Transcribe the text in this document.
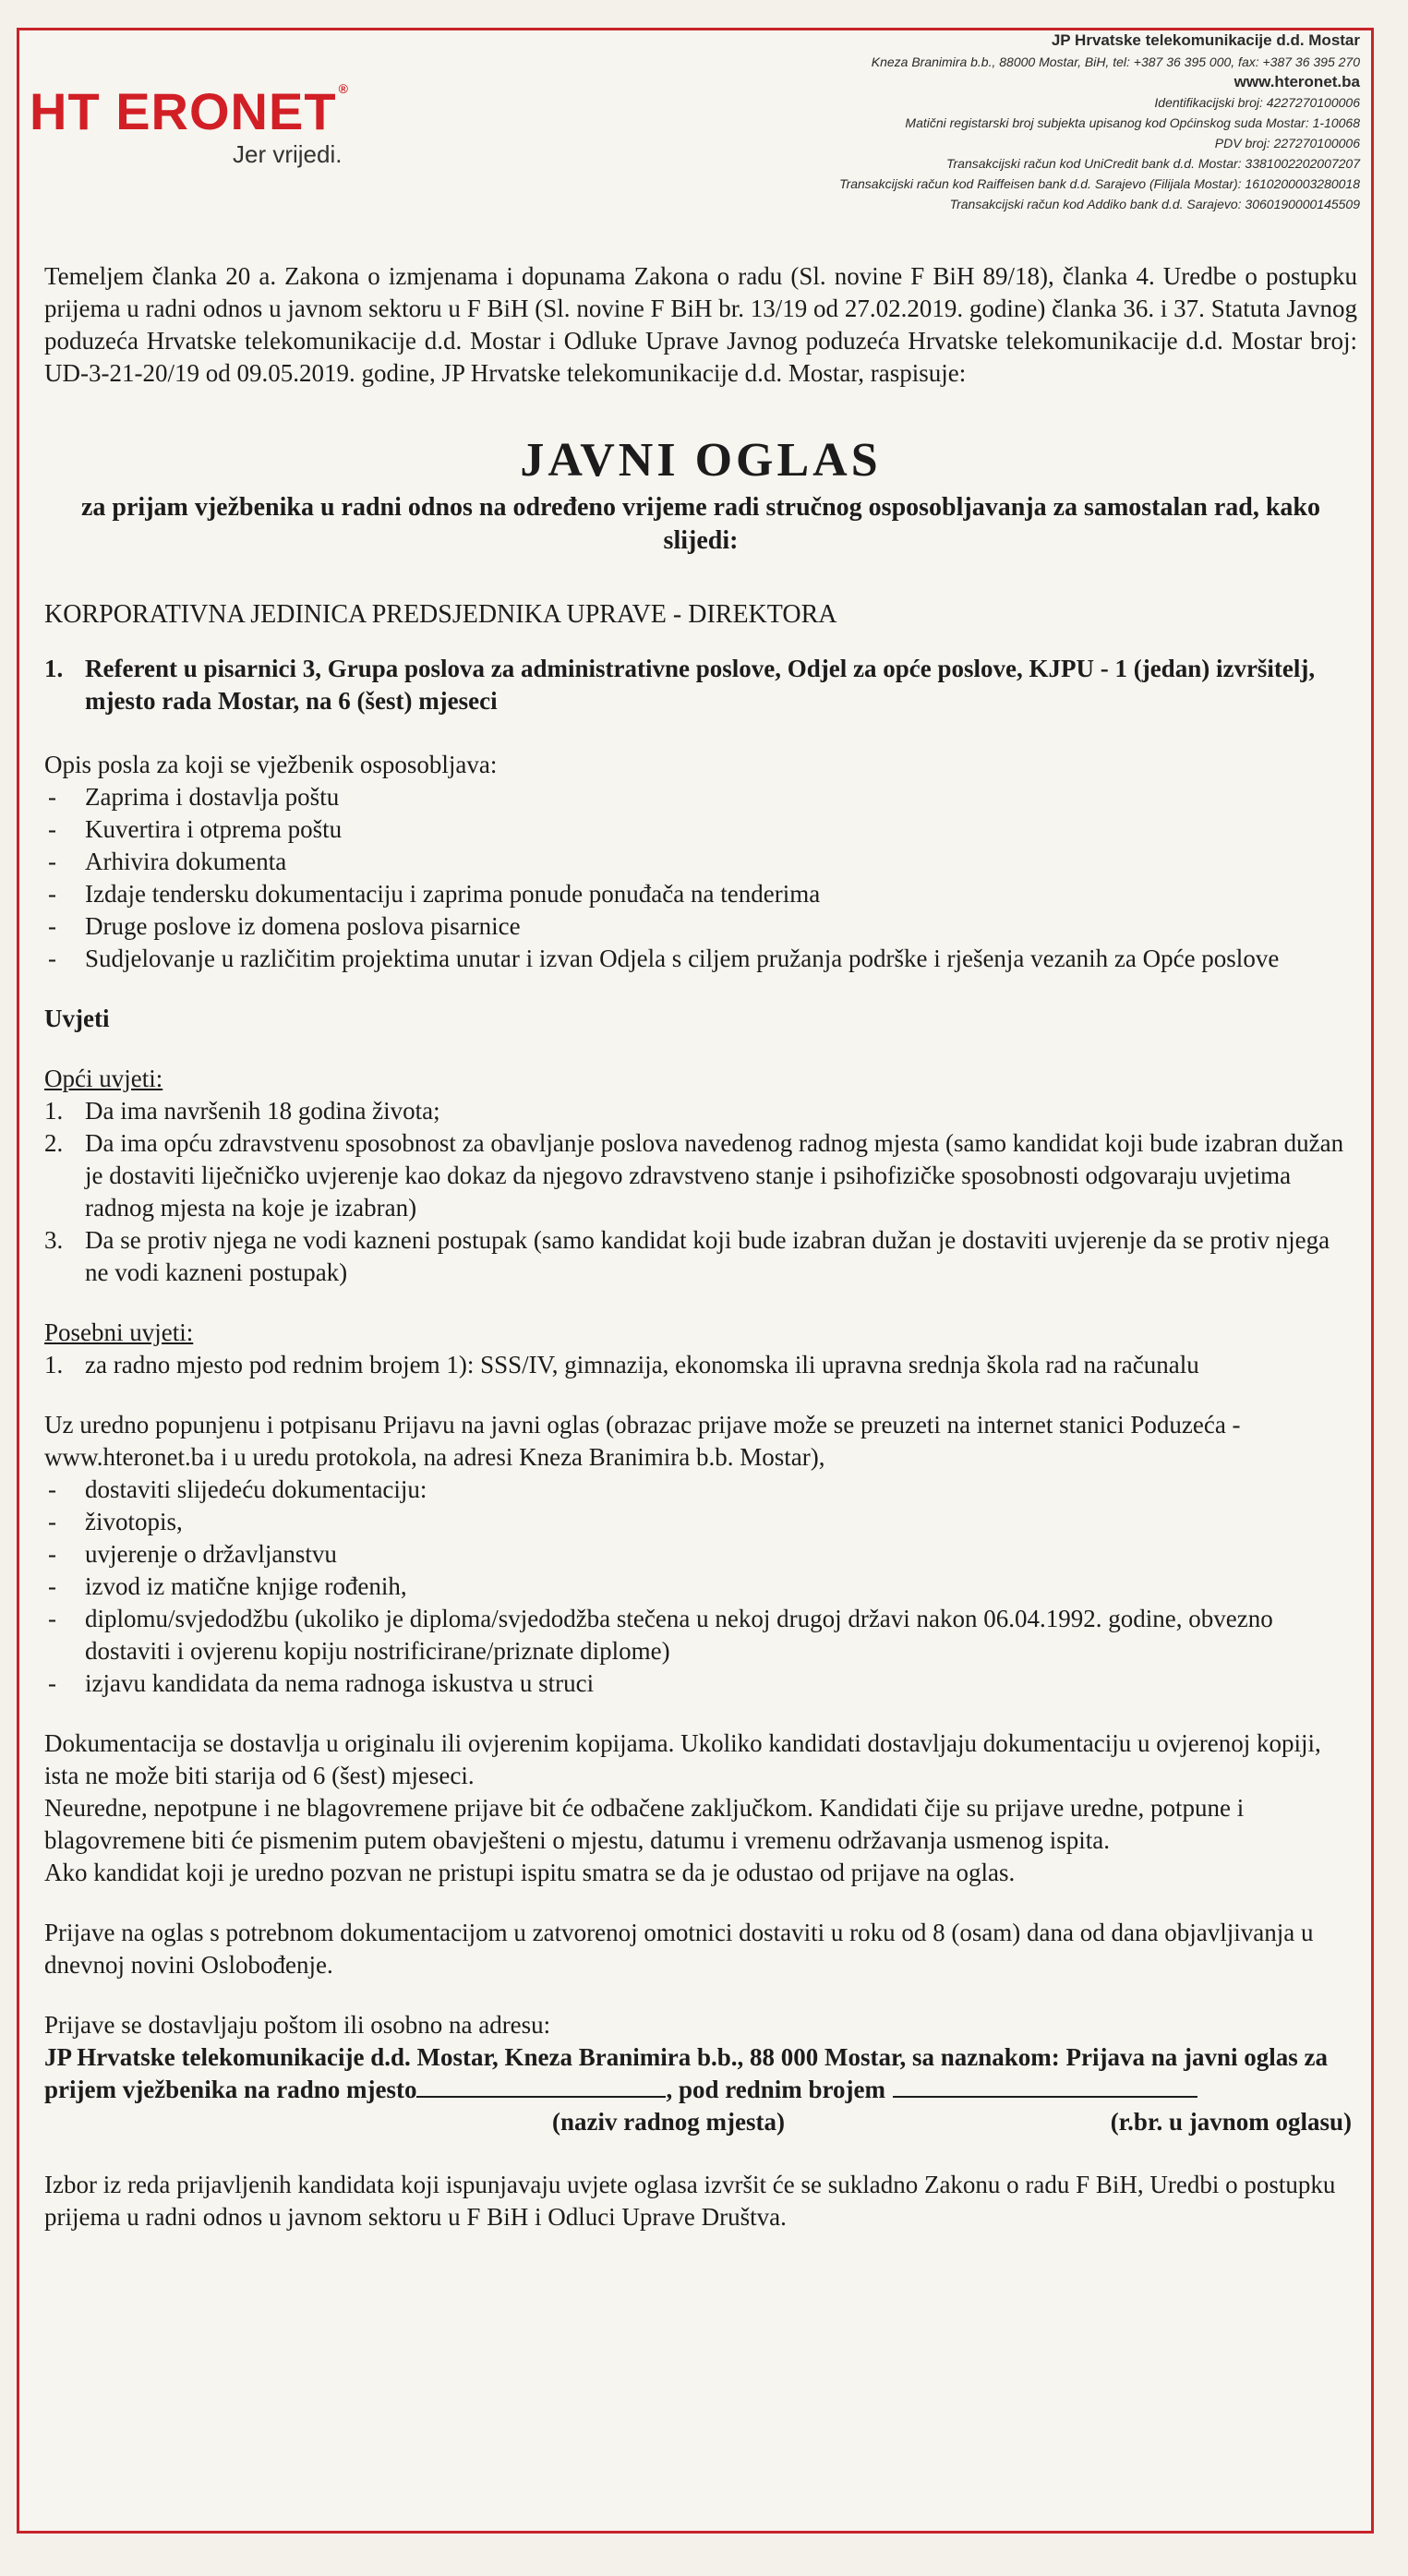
HT ERONET ®
Jer vrijedi.
JP Hrvatske telekomunikacije d.d. Mostar
Kneza Branimira b.b., 88000 Mostar, BiH, tel: +387 36 395 000, fax: +387 36 395 270
www.hteronet.ba
Identifikacijski broj: 4227270100006
Matični registarski broj subjekta upisanog kod Općinskog suda Mostar: 1-10068
PDV broj: 227270100006
Transakcijski račun kod UniCredit bank d.d. Mostar: 3381002202007207
Transakcijski račun kod Raiffeisen bank d.d. Sarajevo (Filijala Mostar): 1610200003280018
Transakcijski račun kod Addiko bank d.d. Sarajevo: 3060190000145509

Temeljem članka 20 a. Zakona o izmjenama i dopunama Zakona o radu (Sl. novine F BiH 89/18), članka 4. Uredbe o postupku prijema u radni odnos u javnom sektoru u F BiH (Sl. novine F BiH br. 13/19 od 27.02.2019. godine) članka 36. i 37. Statuta Javnog poduzeća Hrvatske telekomunikacije d.d. Mostar i Odluke Uprave Javnog poduzeća Hrvatske telekomunikacije d.d. Mostar broj: UD-3-21-20/19 od 09.05.2019. godine, JP Hrvatske telekomunikacije d.d. Mostar, raspisuje:

JAVNI OGLAS
za prijam vježbenika u radni odnos na određeno vrijeme radi stručnog osposobljavanja za samostalan rad, kako slijedi:
KORPORATIVNA JEDINICA PREDSJEDNIKA UPRAVE - DIREKTORA
1. Referent u pisarnici 3, Grupa poslova za administrativne poslove, Odjel za opće poslove, KJPU - 1 (jedan) izvršitelj, mjesto rada Mostar, na 6 (šest) mjeseci
Opis posla za koji se vježbenik osposobljava:
- Zaprima i dostavlja poštu
- Kuvertira i otprema poštu
- Arhivira dokumenta
- Izdaje tendersku dokumentaciju i zaprima ponude ponuđača na tenderima
- Druge poslove iz domena poslova pisarnice
- Sudjelovanje u različitim projektima unutar i izvan Odjela s ciljem pružanja podrške i rješenja vezanih za Opće poslove
Uvjeti
Opći uvjeti:
1. Da ima navršenih 18 godina života;
2. Da ima opću zdravstvenu sposobnost za obavljanje poslova navedenog radnog mjesta (samo kandidat koji bude izabran dužan je dostaviti liječničko uvjerenje kao dokaz da njegovo zdravstveno stanje i psihofizičke sposobnosti odgovaraju uvjetima radnog mjesta na koje je izabran)
3. Da se protiv njega ne vodi kazneni postupak (samo kandidat koji bude izabran dužan je dostaviti uvjerenje da se protiv njega ne vodi kazneni postupak)
Posebni uvjeti:
1. za radno mjesto pod rednim brojem 1): SSS/IV, gimnazija, ekonomska ili upravna srednja škola rad na računalu
Uz uredno popunjenu i potpisanu Prijavu na javni oglas (obrazac prijave može se preuzeti na internet stanici Poduzeća - www.hteronet.ba i u uredu protokola, na adresi Kneza Branimira b.b. Mostar),
- dostaviti slijedeću dokumentaciju:
- životopis,
- uvjerenje o državljanstvu
- izvod iz matične knjige rođenih,
- diplomu/svjedodžbu (ukoliko je diploma/svjedodžba stečena u nekoj drugoj državi nakon 06.04.1992. godine, obvezno dostaviti i ovjerenu kopiju nostrificirane/priznate diplome)
- izjavu kandidata da nema radnoga iskustva u struci
Dokumentacija se dostavlja u originalu ili ovjerenim kopijama. Ukoliko kandidati dostavljaju dokumentaciju u ovjerenoj kopiji, ista ne može biti starija od 6 (šest) mjeseci.
Neuredne, nepotpune i ne blagovremene prijave bit će odbačene zaključkom. Kandidati čije su prijave uredne, potpune i blagovremene biti će pismenim putem obavješteni o mjestu, datumu i vremenu održavanja usmenog ispita.
Ako kandidat koji je uredno pozvan ne pristupi ispitu smatra se da je odustao od prijave na oglas.
Prijave na oglas s potrebnom dokumentacijom u zatvorenoj omotnici dostaviti u roku od 8 (osam) dana od dana objavljivanja u dnevnoj novini Oslobođenje.
Prijave se dostavljaju poštom ili osobno na adresu:
JP Hrvatske telekomunikacije d.d. Mostar, Kneza Branimira b.b., 88 000 Mostar, sa naznakom: Prijava na javni oglas za prijem vježbenika na radno mjesto	, pod rednim brojem
(naziv radnog mjesta)	(r.br. u javnom oglasu)
Izbor iz reda prijavljenih kandidata koji ispunjavaju uvjete oglasa izvršit će se sukladno Zakonu o radu F BiH, Uredbi o postupku prijema u radni odnos u javnom sektoru u F BiH i Odluci Uprave Društva.
